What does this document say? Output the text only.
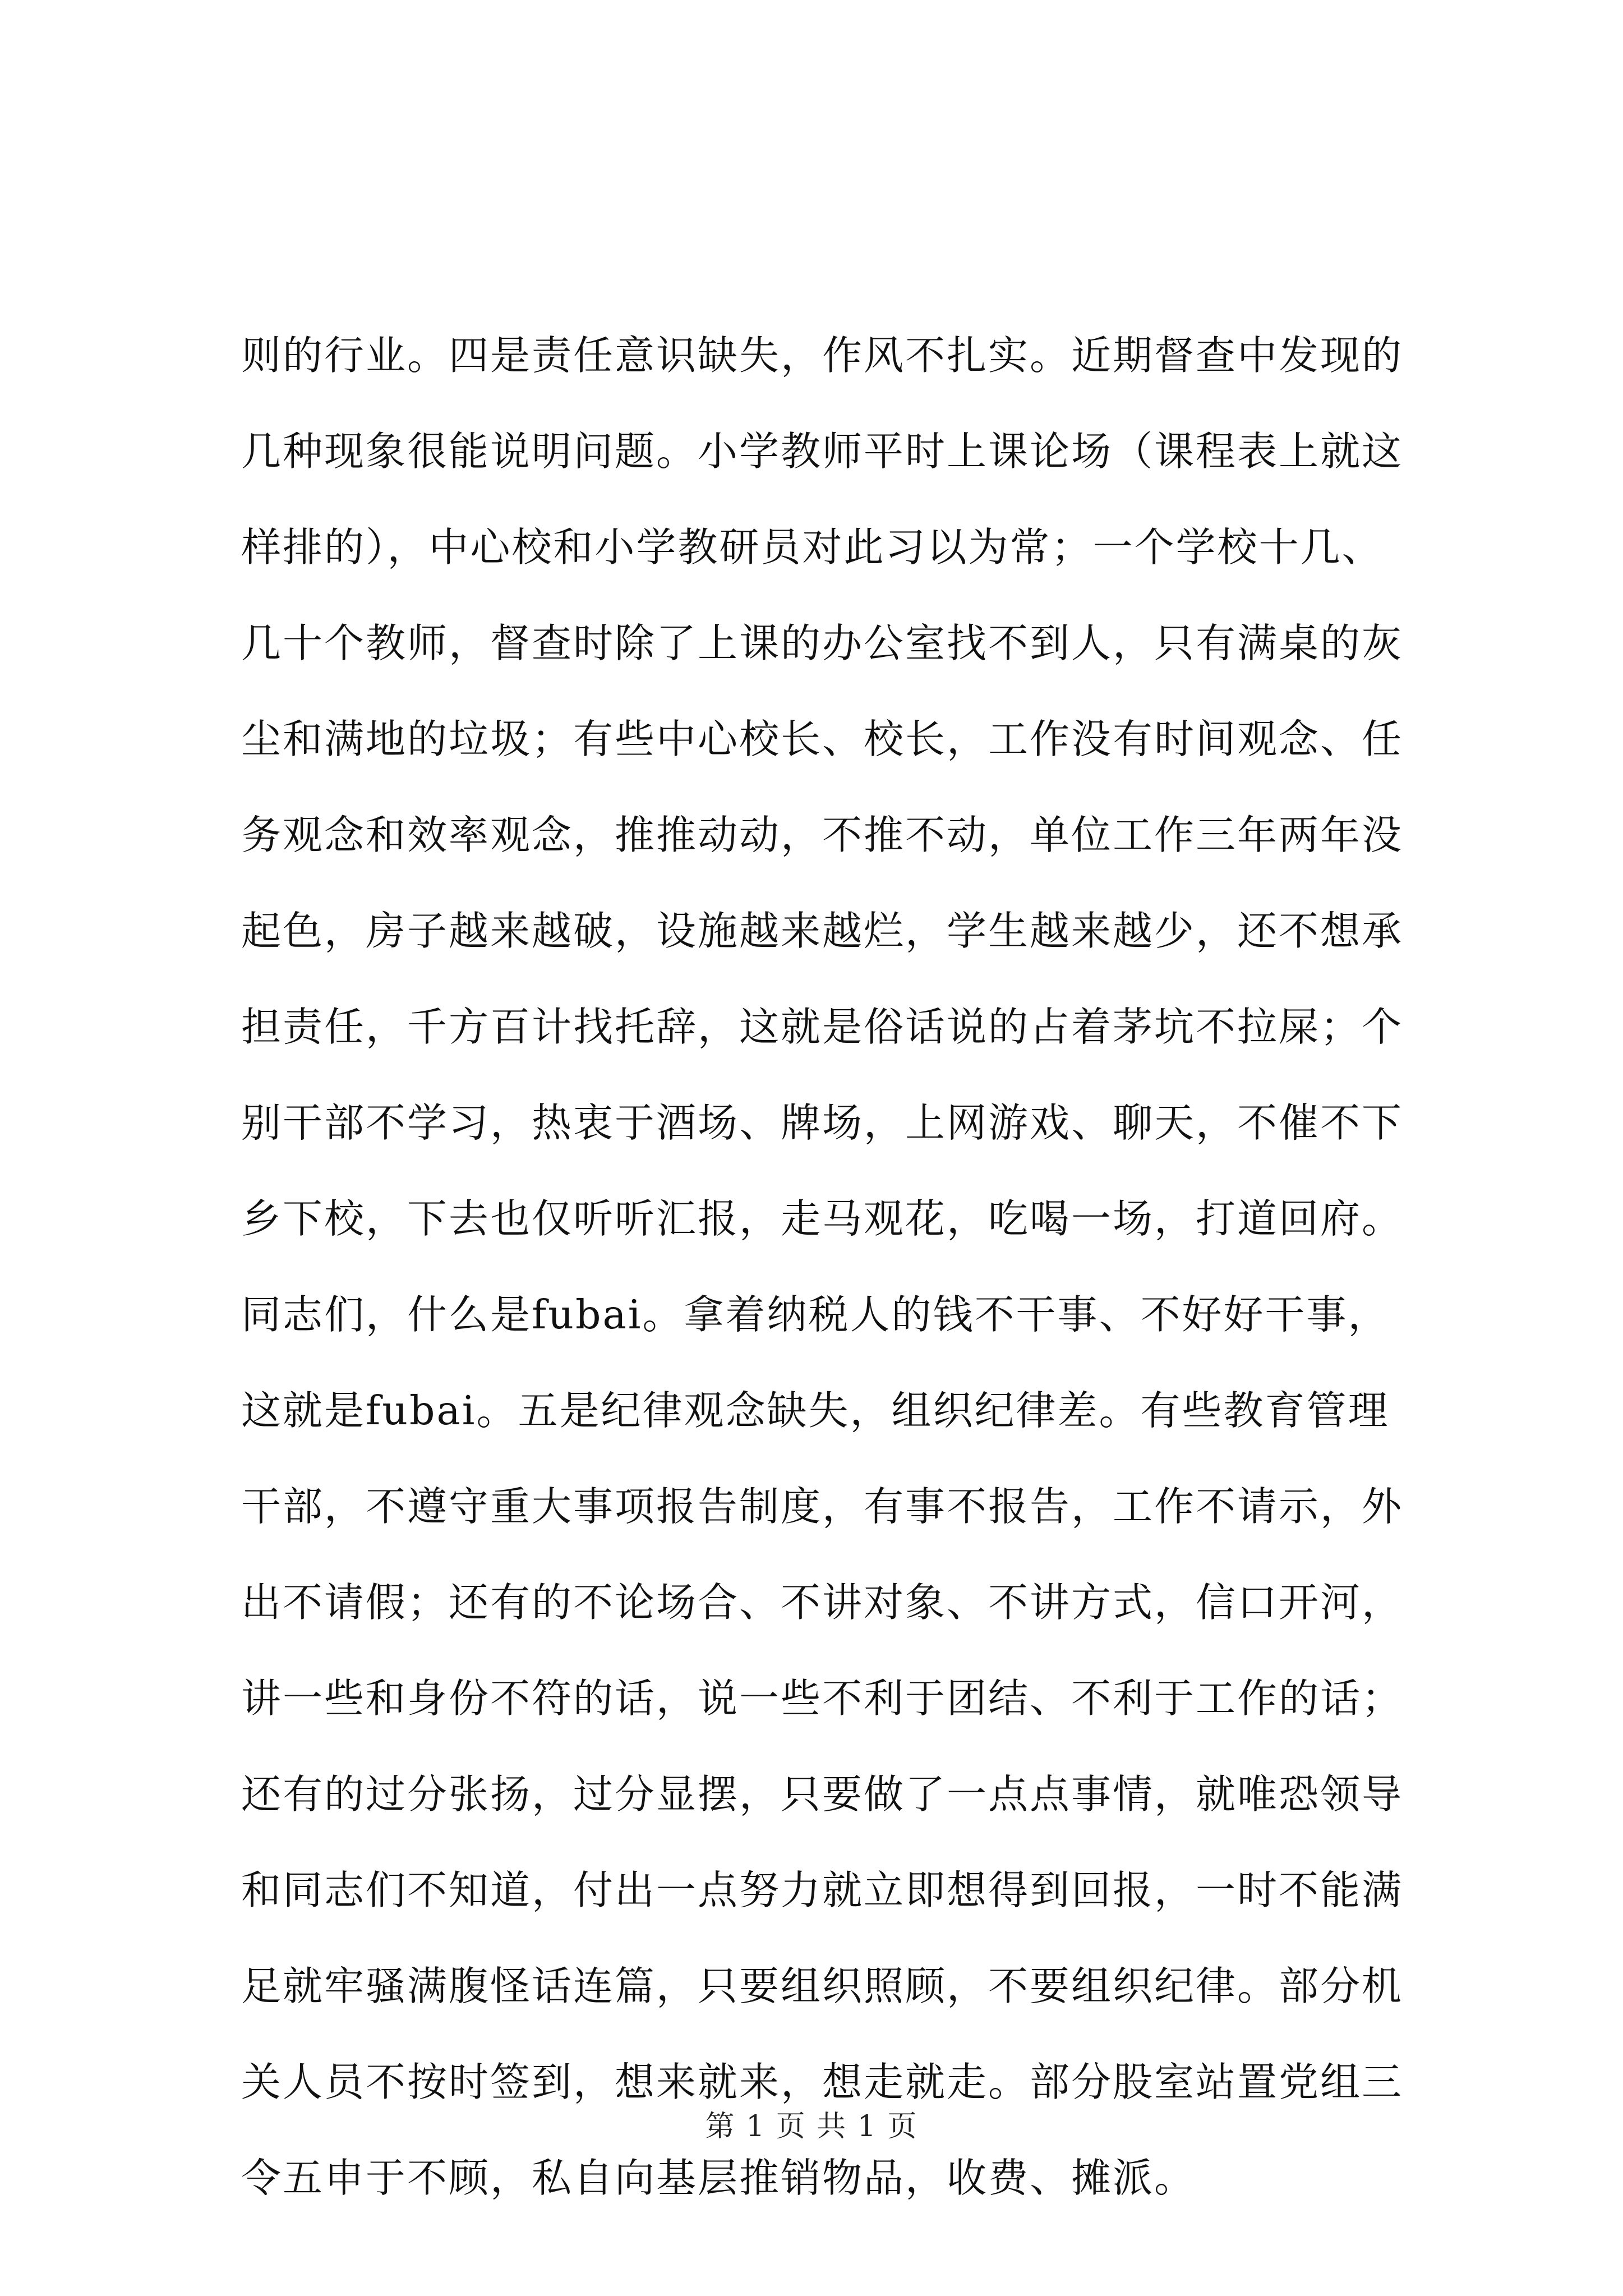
则的行业。四是责任意识缺失，作风不扎实。近期督查中发现的
几种现象很能说明问题。小学教师平时上课论场（课程表上就这
样排的），中心校和小学教研员对此习以为常；一个学校十几、
几十个教师，督查时除了上课的办公室找不到人，只有满桌的灰
尘和满地的垃圾；有些中心校长、校长，工作没有时间观念、任
务观念和效率观念，推推动动，不推不动，单位工作三年两年没
起色，房子越来越破，设施越来越烂，学生越来越少，还不想承
担责任，千方百计找托辞，这就是俗话说的占着茅坑不拉屎；个
别干部不学习，热衷于酒场、牌场，上网游戏、聊天，不催不下
乡下校，下去也仅听听汇报，走马观花，吃喝一场，打道回府。
同志们，什么是fubai。拿着纳税人的钱不干事、不好好干事，
这就是fubai。五是纪律观念缺失，组织纪律差。有些教育管理
干部，不遵守重大事项报告制度，有事不报告，工作不请示，外
出不请假；还有的不论场合、不讲对象、不讲方式，信口开河，
讲一些和身份不符的话，说一些不利于团结、不利于工作的话；
还有的过分张扬，过分显摆，只要做了一点点事情，就唯恐领导
和同志们不知道，付出一点努力就立即想得到回报，一时不能满
足就牢骚满腹怪话连篇，只要组织照顾，不要组织纪律。部分机
关人员不按时签到，想来就来，想走就走。部分股室站置党组三
令五申于不顾，私自向基层推销物品，收费、摊派。
第 1 页 共 1 页
